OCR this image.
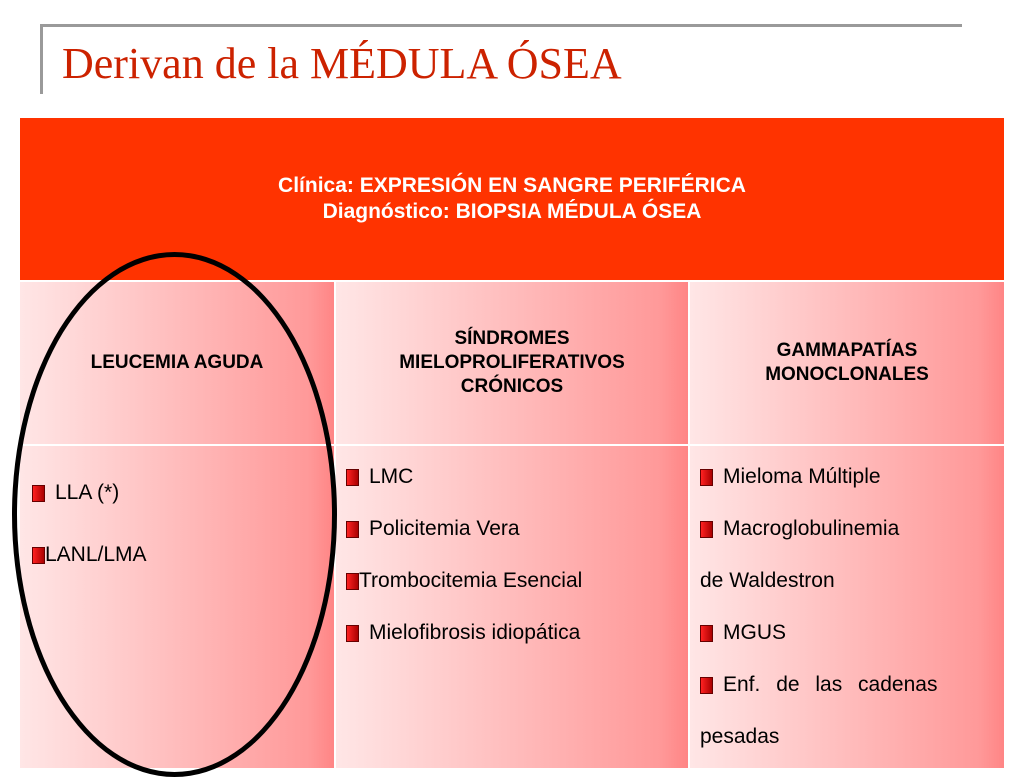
Derivan de la MÉDULA ÓSEA
Clínica: EXPRESIÓN EN SANGRE PERIFÉRICA
Diagnóstico: BIOPSIA MÉDULA ÓSEA
LEUCEMIA AGUDA
SÍNDROMES
MIELOPROLIFERATIVOS
CRÓNICOS
GAMMAPATÍAS
MONOCLONALES
LLA (*)
LANL/LMA
LMC
Policitemia Vera
Trombocitemia Esencial
Mielofibrosis idiopática
Mieloma Múltiple
Macroglobulinemia
de Waldestron
MGUS
Enf. de las cadenas
pesadas
